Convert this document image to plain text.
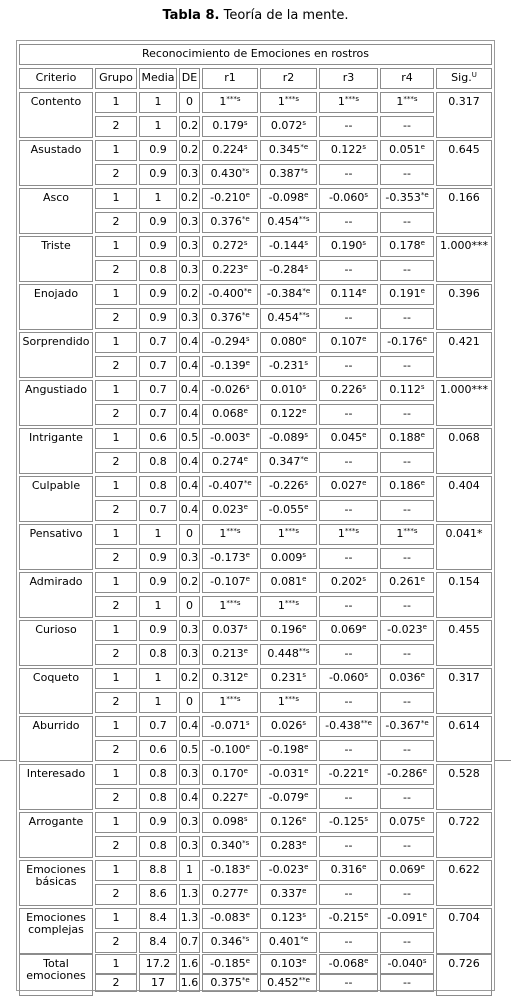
Tabla 8. Teoría de la mente.
Reconocimiento de Emociones en rostros
Criterio	Grupo Media DE	r1	r2	r3	r4	Sig.$^U$
Contento	0.317
1	1	0	1$^{***s}$	1$^{***s}$	1$^{***s}$	1$^{***s}$
2	1	0.2	0.179$^s$	0.072$^s$	--	--
Asustado	0.645
1	0.9	0.2	0.224$^s$	0.345$^{*e}$	0.122$^s$	0.051e
2	0.9	0.3	0.430$^{*s}$	0.387$^{*s}$	--	--
Asco	0.166
1	1	0.2	-0.210e	-0.098e	-0.060$^s$	-0.353$^{*e}$
2	0.9	0.3	0.376$^{*e}$	0.454$^{**s}$	--	--
Triste	1.000***
1	0.9	0.3	0.272$^s$	-0.144$^s$	0.190$^s$	0.178e
2	0.8	0.3	0.223e	-0.284$^s$	--	--
Enojado	0.396
1	0.9	0.2 -0.400$^{*e}$	-0.384$^{*e}$	0.114e	0.191e
2	0.9	0.3	0.376$^{*e}$	0.454$^{**s}$	--	--
Sorprendido	0.421
1	0.7	0.4	-0.294$^s$	0.080e	0.107e	-0.176e
2	0.7	0.4	-0.139e	-0.231$^s$	--	--
Angustiado	1.000***
1	0.7	0.4	-0.026$^s$	0.010$^s$	0.226$^s$	0.112$^s$
2	0.7	0.4	0.068e	0.122e	--	--
Intrigante	0.068
1	0.6	0.5	-0.003e	-0.089$^s$	0.045e	0.188e
2	0.8	0.4	0.274e	0.347$^{*e}$	--	--
Culpable	0.404
1	0.8	0.4 -0.407$^{*e}$	-0.226$^s$	0.027e	0.186e
2	0.7	0.4	0.023e	-0.055e	--	--
Pensativo	0.041*
1	1	0	1$^{***s}$	1$^{***s}$	1$^{***s}$	1$^{***s}$
2	0.9	0.3	-0.173e	0.009$^s$	--	--
Admirado	0.154
1	0.9	0.2	-0.107e	0.081e	0.202$^s$	0.261e
2	1	0	1$^{***s}$	1$^{***s}$	--	--
Curioso	0.455
1	0.9	0.3	0.037$^s$	0.196e	0.069e	-0.023e
2	0.8	0.3	0.213e	0.448$^{**s}$	--	--
Coqueto	0.317
1	1	0.2	0.312e	0.231$^s$	-0.060$^s$	0.036e
2	1	0	1$^{***s}$	1$^{***s}$	--	--
Aburrido	0.614
1	0.7	0.4	-0.071$^s$	0.026$^s$	-0.438$^{**e}$	-0.367$^{*e}$
2	0.6	0.5	-0.100e	-0.198e	--	--
Interesado	0.528
1	0.8	0.3	0.170e	-0.031e	-0.221e	-0.286e
2	0.8	0.4	0.227e	-0.079e	--	--
Arrogante	0.722
1	0.9	0.3	0.098$^s$	0.126e	-0.125$^s$	0.075e
2	0.8	0.3	0.340$^{*s}$	0.283e	--	--
Emociones
básicas
0.622
1	8.8	1	-0.183e	-0.023e	0.316e	0.069e
2	8.6	1.3	0.277e	0.337e	--	--
Emociones
complejas
0.704
1	8.4	1.3	-0.083e	0.123$^s$	-0.215e	-0.091e
2	8.4	0.7	0.346$^{*s}$	0.401$^{*e}$	--	--
Total
emociones
0.726
1	17.2 1.6	-0.185e	0.103e	-0.068e	-0.040$^s$
2	17	1.6	0.375$^{*e}$	0.452$^{**e}$	--	--
